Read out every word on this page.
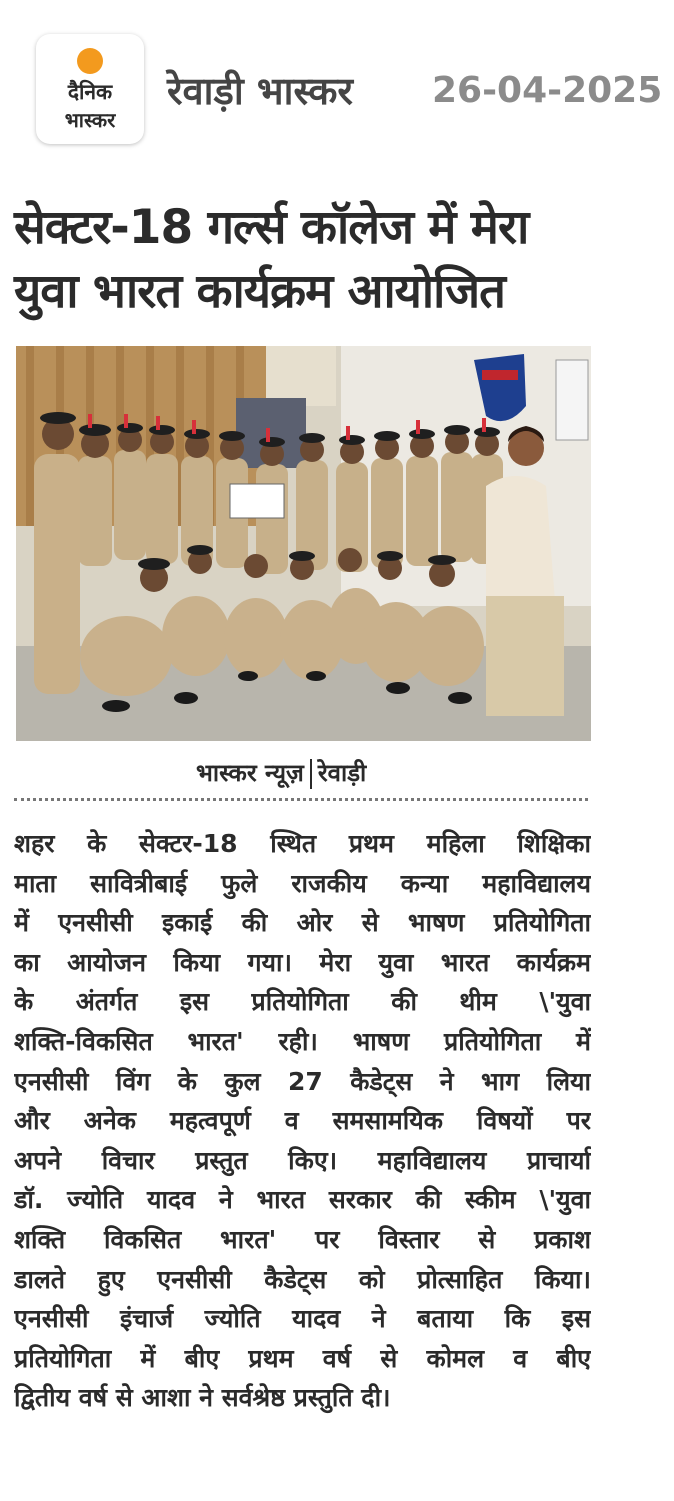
दैनिक
भास्कर
रेवाड़ी भास्कर 26-04-2025
सेक्टर-18 गर्ल्स कॉलेज में मेरा
युवा भारत कार्यक्रम आयोजित
भास्कर न्यूज़ रेवाड़ी
शहर के सेक्टर-18 स्थित प्रथम महिला शिक्षिका
माता सावित्रीबाई फुले राजकीय कन्या महाविद्यालय
में एनसीसी इकाई की ओर से भाषण प्रतियोगिता
का आयोजन किया गया। मेरा युवा भारत कार्यक्रम
के अंतर्गत इस प्रतियोगिता की थीम \'युवा
शक्ति-विकसित भारत' रही। भाषण प्रतियोगिता में
एनसीसी विंग के कुल 27 कैडेट्स ने भाग लिया
और अनेक महत्वपूर्ण व समसामयिक विषयों पर
अपने विचार प्रस्तुत किए। महाविद्यालय प्राचार्या
डॉ. ज्योति यादव ने भारत सरकार की स्कीम \'युवा
शक्ति विकसित भारत' पर विस्तार से प्रकाश
डालते हुए एनसीसी कैडेट्स को प्रोत्साहित किया।
एनसीसी इंचार्ज ज्योति यादव ने बताया कि इस
प्रतियोगिता में बीए प्रथम वर्ष से कोमल व बीए
द्वितीय वर्ष से आशा ने सर्वश्रेष्ठ प्रस्तुति दी।
